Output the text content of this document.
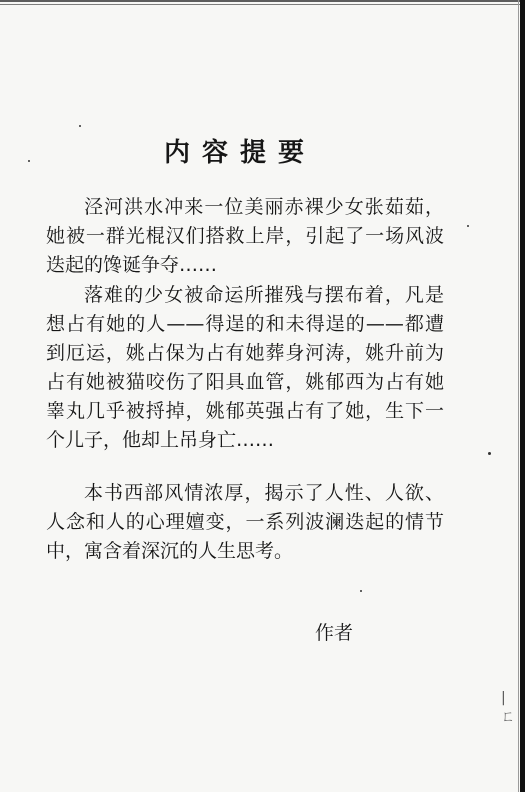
内容提要

泾河洪水冲来一位美丽赤裸少女张茹茹，她被一群光棍汉们搭救上岸，引起了一场风波迭起的馋诞争夺……

落难的少女被命运所摧残与摆布着，凡是想占有她的人——得逞的和未得逞的——都遭到厄运，姚占保为占有她葬身河涛，姚升前为占有她被猫咬伤了阳具血管，姚郁西为占有她睾丸几乎被捋掉，姚郁英强占有了她，生下一个儿子，他却上吊身亡……

本书西部风情浓厚，揭示了人性、人欲、人念和人的心理嬗变，一系列波澜迭起的情节中，寓含着深沉的人生思考。

作者
|
ㄈ
